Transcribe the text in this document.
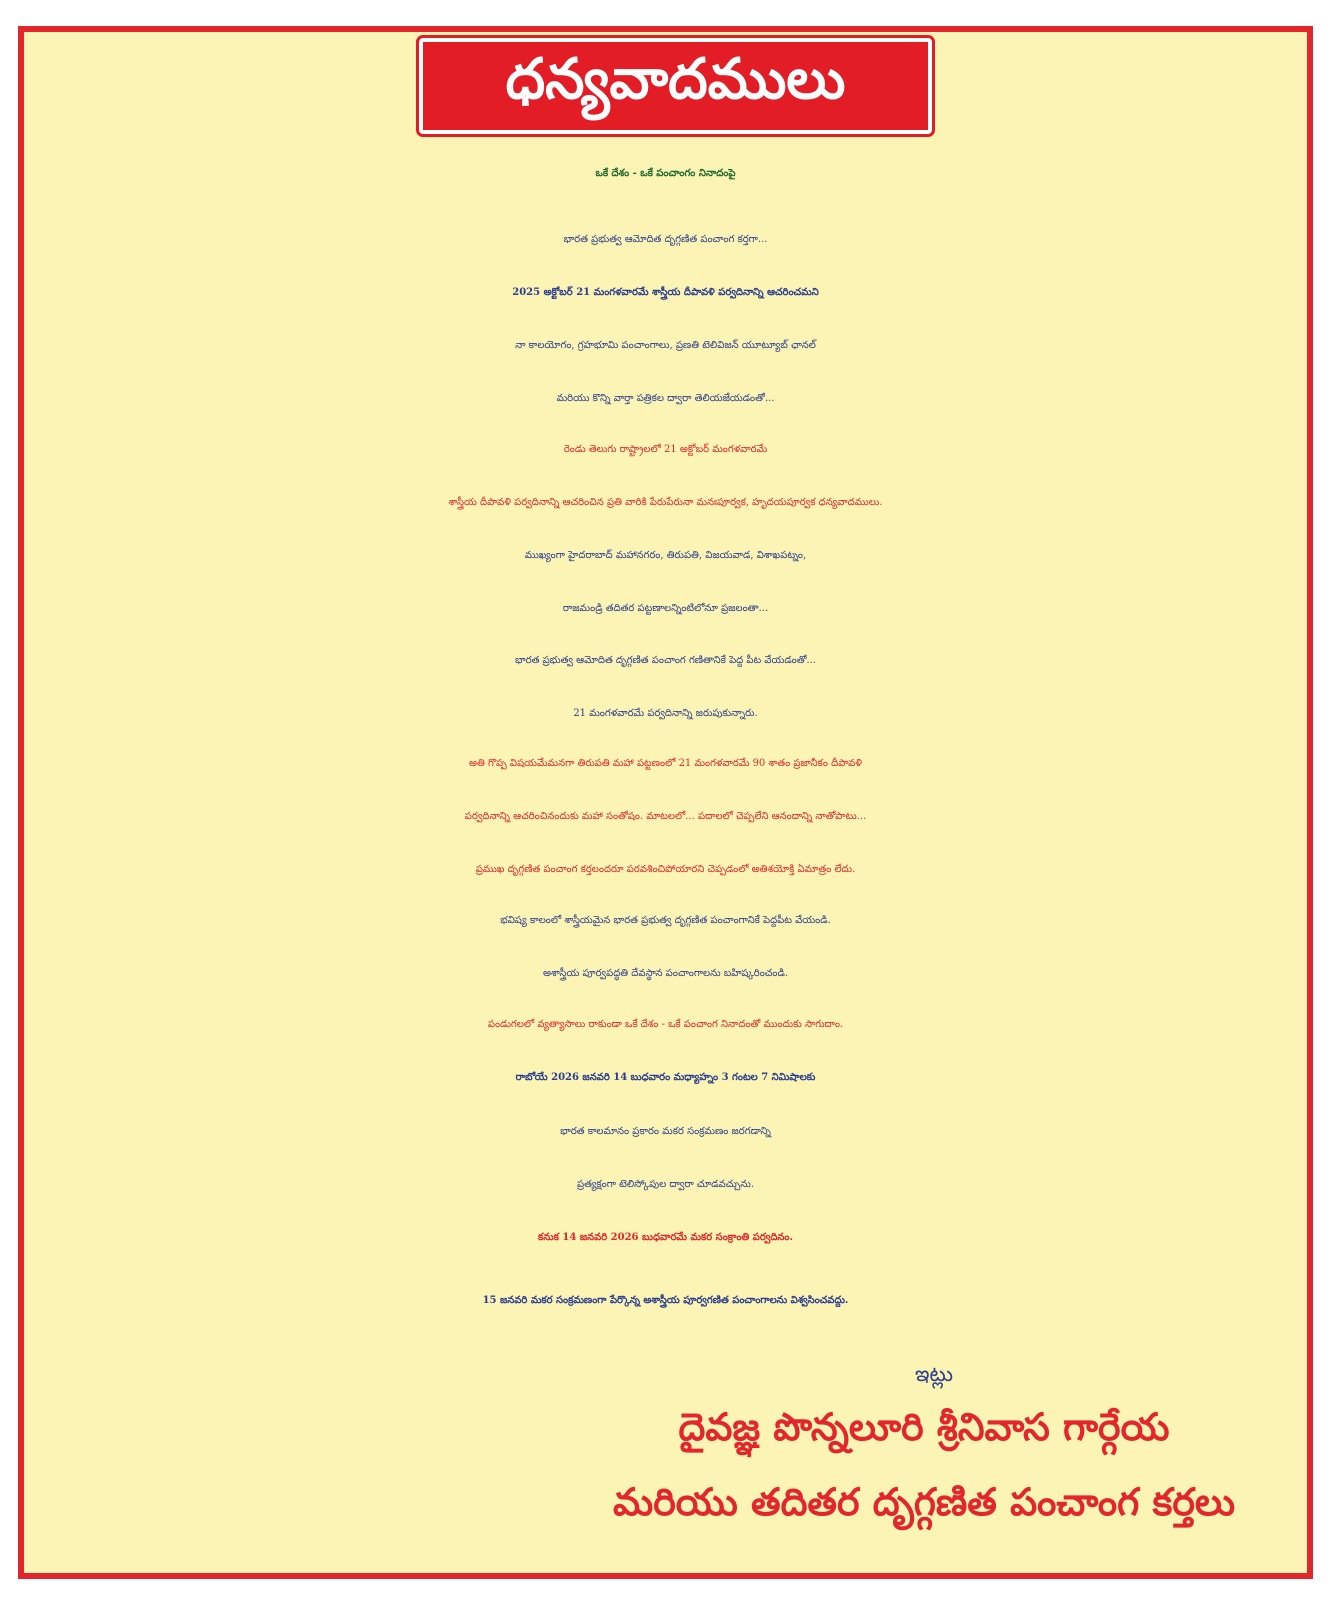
ధన్యవాదములు
ఒకే దేశం - ఒకే పంచాంగం నినాదంపై
భారత ప్రభుత్వ ఆమోదిత దృగ్గణిత పంచాంగ కర్తగా...
2025 అక్టోబర్ 21 మంగళవారమే శాస్త్రీయ దీపావళి పర్వదినాన్ని ఆచరించమని
నా కాలయోగం, గ్రహభూమి పంచాంగాలు, ప్రణతి టెలివిజన్ యూట్యూబ్ ఛానల్
మరియు కొన్ని వార్తా పత్రికల ద్వారా తెలియజేయడంతో...
రెండు తెలుగు రాష్ట్రాలలో 21 అక్టోబర్ మంగళవారమే
శాస్త్రీయ దీపావళి పర్వదినాన్ని ఆచరించిన ప్రతి వారికి పేరుపేరునా మనఃపూర్వక, హృదయపూర్వక ధన్యవాదములు.
ముఖ్యంగా హైదరాబాద్ మహానగరం, తిరుపతి, విజయవాడ, విశాఖపట్నం,
రాజమండ్రి తదితర పట్టణాలన్నింటిలోనూ ప్రజలంతా...
భారత ప్రభుత్వ ఆమోదిత దృగ్గణిత పంచాంగ గణితానికే పెద్ద పీట వేయడంతో...
21 మంగళవారమే పర్వదినాన్ని జరుపుకున్నారు.
అతి గొప్ప విషయమేమనగా తిరుపతి మహా పట్టణంలో 21 మంగళవారమే 90 శాతం ప్రజానీకం దీపావళి
పర్వదినాన్ని ఆచరించినందుకు మహా సంతోషం. మాటలలో... పదాలలో చెప్పలేని ఆనందాన్ని నాతోపాటు...
ప్రముఖ దృగ్గణిత పంచాంగ కర్తలందరూ పరవశించిపోయారని చెప్పడంలో అతిశయోక్తి ఏమాత్రం లేదు.
భవిష్య కాలంలో శాస్త్రీయమైన భారత ప్రభుత్వ దృగ్గణిత పంచాంగానికే పెద్దపీట వేయండి.
అశాస్త్రీయ పూర్వపద్ధతి దేవస్థాన పంచాంగాలను బహిష్కరించండి.
పండుగలలో వ్యత్యాసాలు రాకుండా ఒకే దేశం - ఒకే పంచాంగ నినాదంతో ముందుకు సాగుదాం.
రాబోయే 2026 జనవరి 14 బుధవారం మధ్యాహ్నం 3 గంటల 7 నిమిషాలకు
భారత కాలమానం ప్రకారం మకర సంక్రమణం జరగడాన్ని
ప్రత్యక్షంగా టెలిస్కోపుల ద్వారా చూడవచ్చును.
కనుక 14 జనవరి 2026 బుధవారమే మకర సంక్రాంతి పర్వదినం.
15 జనవరి మకర సంక్రమణంగా పేర్కొన్న అశాస్త్రీయ పూర్వగణిత పంచాంగాలను విశ్వసించవద్దు.
ఇట్లు
దైవజ్ఞ పొన్నలూరి శ్రీనివాస గార్గేయ
మరియు తదితర దృగ్గణిత పంచాంగ కర్తలు
